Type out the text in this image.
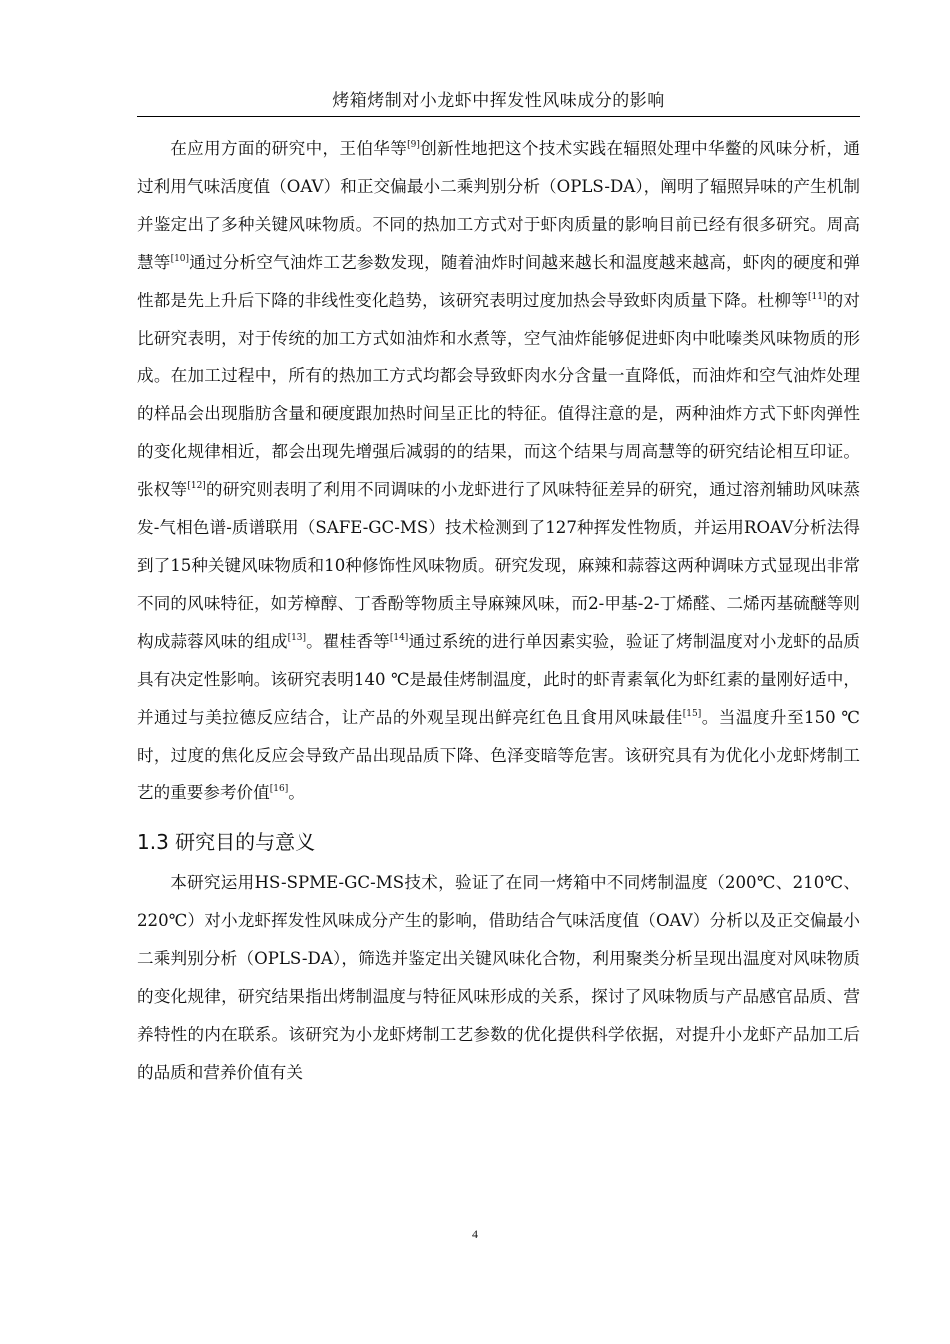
烤箱烤制对小龙虾中挥发性风味成分的影响

在应用方面的研究中，王伯华等[9]创新性地把这个技术实践在辐照处理中华鳖的风味分析，通过利用气味活度值（OAV）和正交偏最小二乘判别分析（OPLS-DA），阐明了辐照异味的产生机制并鉴定出了多种关键风味物质。不同的热加工方式对于虾肉质量的影响目前已经有很多研究。周高慧等[10]通过分析空气油炸工艺参数发现，随着油炸时间越来越长和温度越来越高，虾肉的硬度和弹性都是先上升后下降的非线性变化趋势，该研究表明过度加热会导致虾肉质量下降。杜柳等[11]的对比研究表明，对于传统的加工方式如油炸和水煮等，空气油炸能够促进虾肉中吡嗪类风味物质的形成。在加工过程中，所有的热加工方式均都会导致虾肉水分含量一直降低，而油炸和空气油炸处理的样品会出现脂肪含量和硬度跟加热时间呈正比的特征。值得注意的是，两种油炸方式下虾肉弹性的变化规律相近，都会出现先增强后减弱的的结果，而这个结果与周高慧等的研究结论相互印证。张权等[12]的研究则表明了利用不同调味的小龙虾进行了风味特征差异的研究，通过溶剂辅助风味蒸发-气相色谱-质谱联用（SAFE-GC-MS）技术检测到了127种挥发性物质，并运用ROAV分析法得到了15种关键风味物质和10种修饰性风味物质。研究发现，麻辣和蒜蓉这两种调味方式显现出非常不同的风味特征，如芳樟醇、丁香酚等物质主导麻辣风味，而2-甲基-2-丁烯醛、二烯丙基硫醚等则构成蒜蓉风味的组成[13]。瞿桂香等[14]通过系统的进行单因素实验，验证了烤制温度对小龙虾的品质具有决定性影响。该研究表明140 ℃是最佳烤制温度，此时的虾青素氧化为虾红素的量刚好适中，并通过与美拉德反应结合，让产品的外观呈现出鲜亮红色且食用风味最佳[15]。当温度升至150 ℃时，过度的焦化反应会导致产品出现品质下降、色泽变暗等危害。该研究具有为优化小龙虾烤制工艺的重要参考价值[16]。

1.3 研究目的与意义

本研究运用HS-SPME-GC-MS技术，验证了在同一烤箱中不同烤制温度（200℃、210℃、220℃）对小龙虾挥发性风味成分产生的影响，借助结合气味活度值（OAV）分析以及正交偏最小二乘判别分析（OPLS-DA），筛选并鉴定出关键风味化合物，利用聚类分析呈现出温度对风味物质的变化规律，研究结果指出烤制温度与特征风味形成的关系，探讨了风味物质与产品感官品质、营养特性的内在联系。该研究为小龙虾烤制工艺参数的优化提供科学依据，对提升小龙虾产品加工后的品质和营养价值有关

4
